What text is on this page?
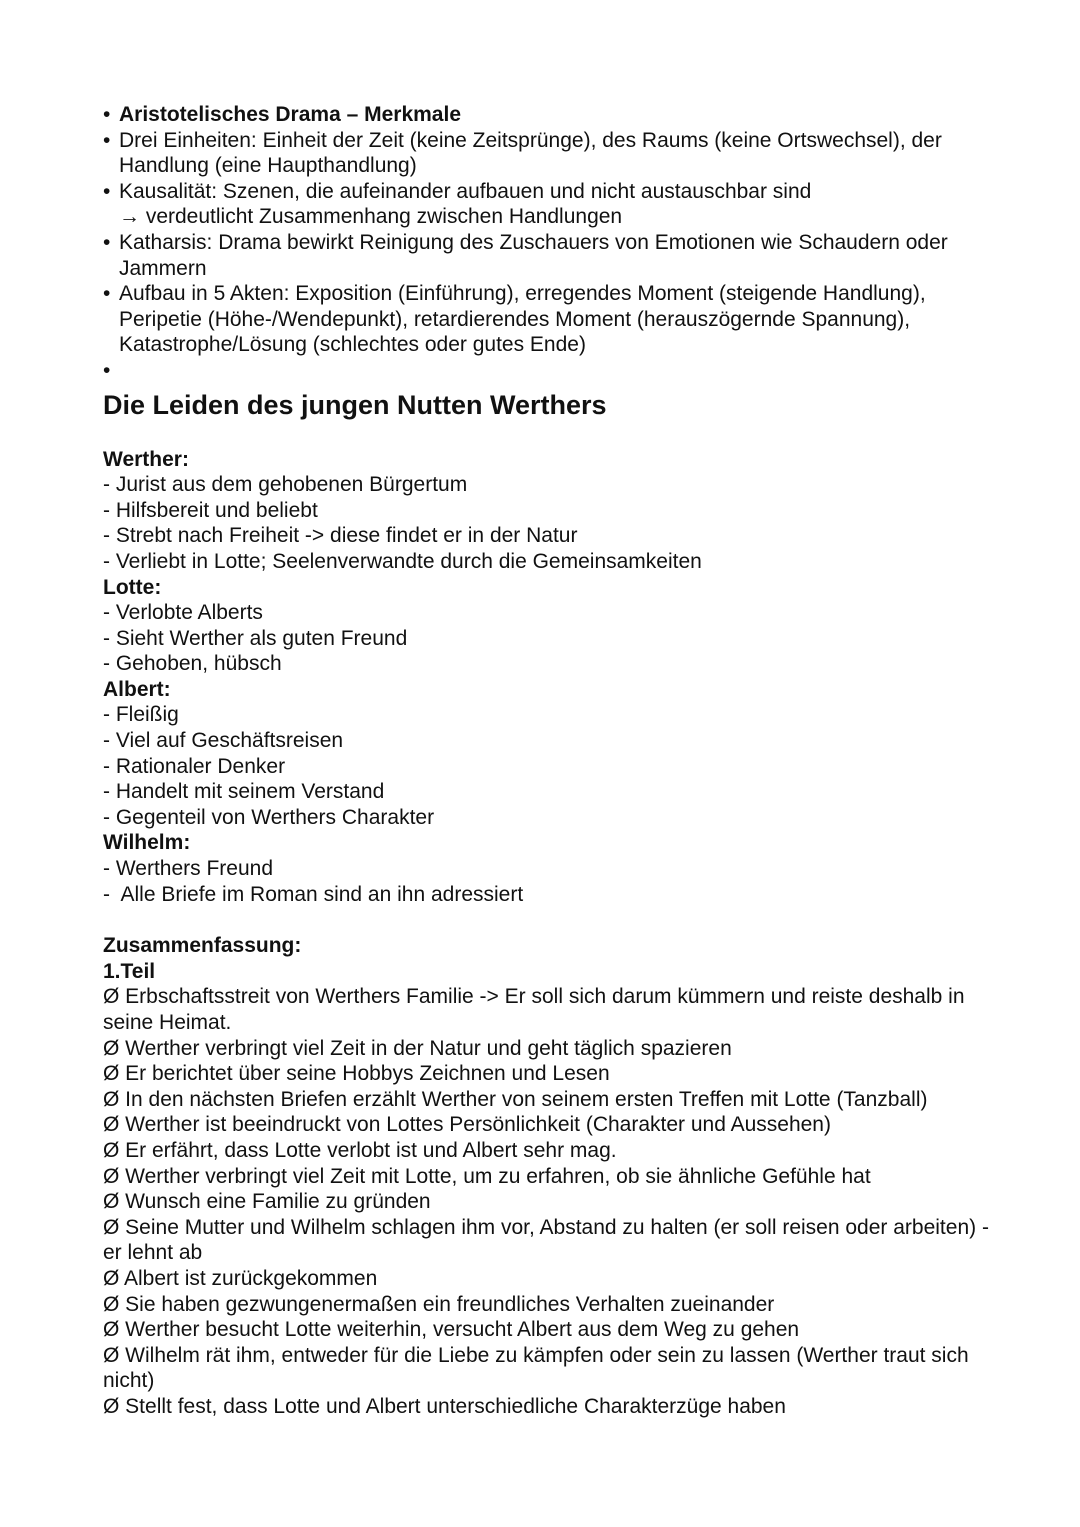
• Aristotelisches Drama – Merkmale
• Drei Einheiten: Einheit der Zeit (keine Zeitsprünge), des Raums (keine Ortswechsel), der Handlung (eine Haupthandlung)
• Kausalität: Szenen, die aufeinander aufbauen und nicht austauschbar sind
→ verdeutlicht Zusammenhang zwischen Handlungen
• Katharsis: Drama bewirkt Reinigung des Zuschauers von Emotionen wie Schaudern oder Jammern
• Aufbau in 5 Akten: Exposition (Einführung), erregendes Moment (steigende Handlung), Peripetie (Höhe-/Wendepunkt), retardierendes Moment (herauszögernde Spannung), Katastrophe/Lösung (schlechtes oder gutes Ende)
•
Die Leiden des jungen Nutten Werthers
Werther:
- Jurist aus dem gehobenen Bürgertum
- Hilfsbereit und beliebt
- Strebt nach Freiheit -> diese findet er in der Natur
- Verliebt in Lotte; Seelenverwandte durch die Gemeinsamkeiten
Lotte:
- Verlobte Alberts
- Sieht Werther als guten Freund
- Gehoben, hübsch
Albert:
- Fleißig
- Viel auf Geschäftsreisen
- Rationaler Denker
- Handelt mit seinem Verstand
- Gegenteil von Werthers Charakter
Wilhelm:
- Werthers Freund
-  Alle Briefe im Roman sind an ihn adressiert
Zusammenfassung:
1.Teil
Ø Erbschaftsstreit von Werthers Familie -> Er soll sich darum kümmern und reiste deshalb in seine Heimat.
Ø Werther verbringt viel Zeit in der Natur und geht täglich spazieren
Ø Er berichtet über seine Hobbys Zeichnen und Lesen
Ø In den nächsten Briefen erzählt Werther von seinem ersten Treffen mit Lotte (Tanzball)
Ø Werther ist beeindruckt von Lottes Persönlichkeit (Charakter und Aussehen)
Ø Er erfährt, dass Lotte verlobt ist und Albert sehr mag.
Ø Werther verbringt viel Zeit mit Lotte, um zu erfahren, ob sie ähnliche Gefühle hat
Ø Wunsch eine Familie zu gründen
Ø Seine Mutter und Wilhelm schlagen ihm vor, Abstand zu halten (er soll reisen oder arbeiten) - er lehnt ab
Ø Albert ist zurückgekommen
Ø Sie haben gezwungenermaßen ein freundliches Verhalten zueinander
Ø Werther besucht Lotte weiterhin, versucht Albert aus dem Weg zu gehen
Ø Wilhelm rät ihm, entweder für die Liebe zu kämpfen oder sein zu lassen (Werther traut sich nicht)
Ø Stellt fest, dass Lotte und Albert unterschiedliche Charakterzüge haben
